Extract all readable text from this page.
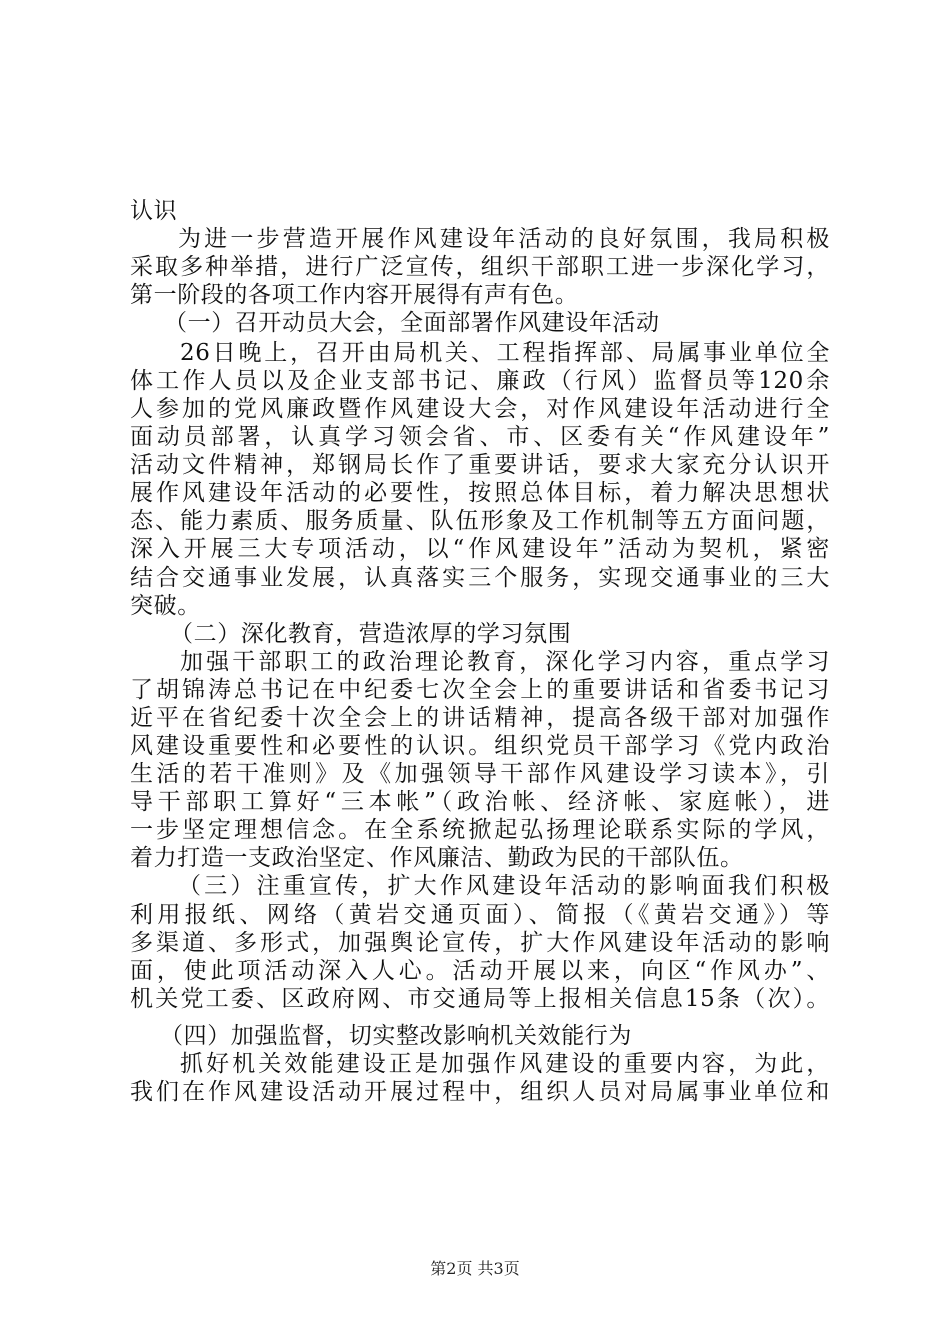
认识
为进一步营造开展作风建设年活动的良好氛围，我局积极
采取多种举措，进行广泛宣传，组织干部职工进一步深化学习，
第一阶段的各项工作内容开展得有声有色。
（一）召开动员大会，全面部署作风建设年活动
26日晚上，召开由局机关、工程指挥部、局属事业单位全
体工作人员以及企业支部书记、廉政（行风）监督员等120余
人参加的党风廉政暨作风建设大会，对作风建设年活动进行全
面动员部署，认真学习领会省、市、区委有关“作风建设年”
活动文件精神，郑钢局长作了重要讲话，要求大家充分认识开
展作风建设年活动的必要性，按照总体目标，着力解决思想状
态、能力素质、服务质量、队伍形象及工作机制等五方面问题，
深入开展三大专项活动，以“作风建设年”活动为契机，紧密
结合交通事业发展，认真落实三个服务，实现交通事业的三大
突破。
（二）深化教育，营造浓厚的学习氛围
加强干部职工的政治理论教育，深化学习内容，重点学习
了胡锦涛总书记在中纪委七次全会上的重要讲话和省委书记习
近平在省纪委十次全会上的讲话精神，提高各级干部对加强作
风建设重要性和必要性的认识。组织党员干部学习《党内政治
生活的若干准则》及《加强领导干部作风建设学习读本》，引
导干部职工算好“三本帐”（政治帐、经济帐、家庭帐），进
一步坚定理想信念。在全系统掀起弘扬理论联系实际的学风，
着力打造一支政治坚定、作风廉洁、勤政为民的干部队伍。
（三）注重宣传，扩大作风建设年活动的影响面我们积极
利用报纸、网络（黄岩交通页面）、简报（《黄岩交通》）等
多渠道、多形式，加强舆论宣传，扩大作风建设年活动的影响
面，使此项活动深入人心。活动开展以来，向区“作风办”、
机关党工委、区政府网、市交通局等上报相关信息15条（次）。
（四）加强监督，切实整改影响机关效能行为
抓好机关效能建设正是加强作风建设的重要内容，为此，
我们在作风建设活动开展过程中，组织人员对局属事业单位和
第2页 共3页
